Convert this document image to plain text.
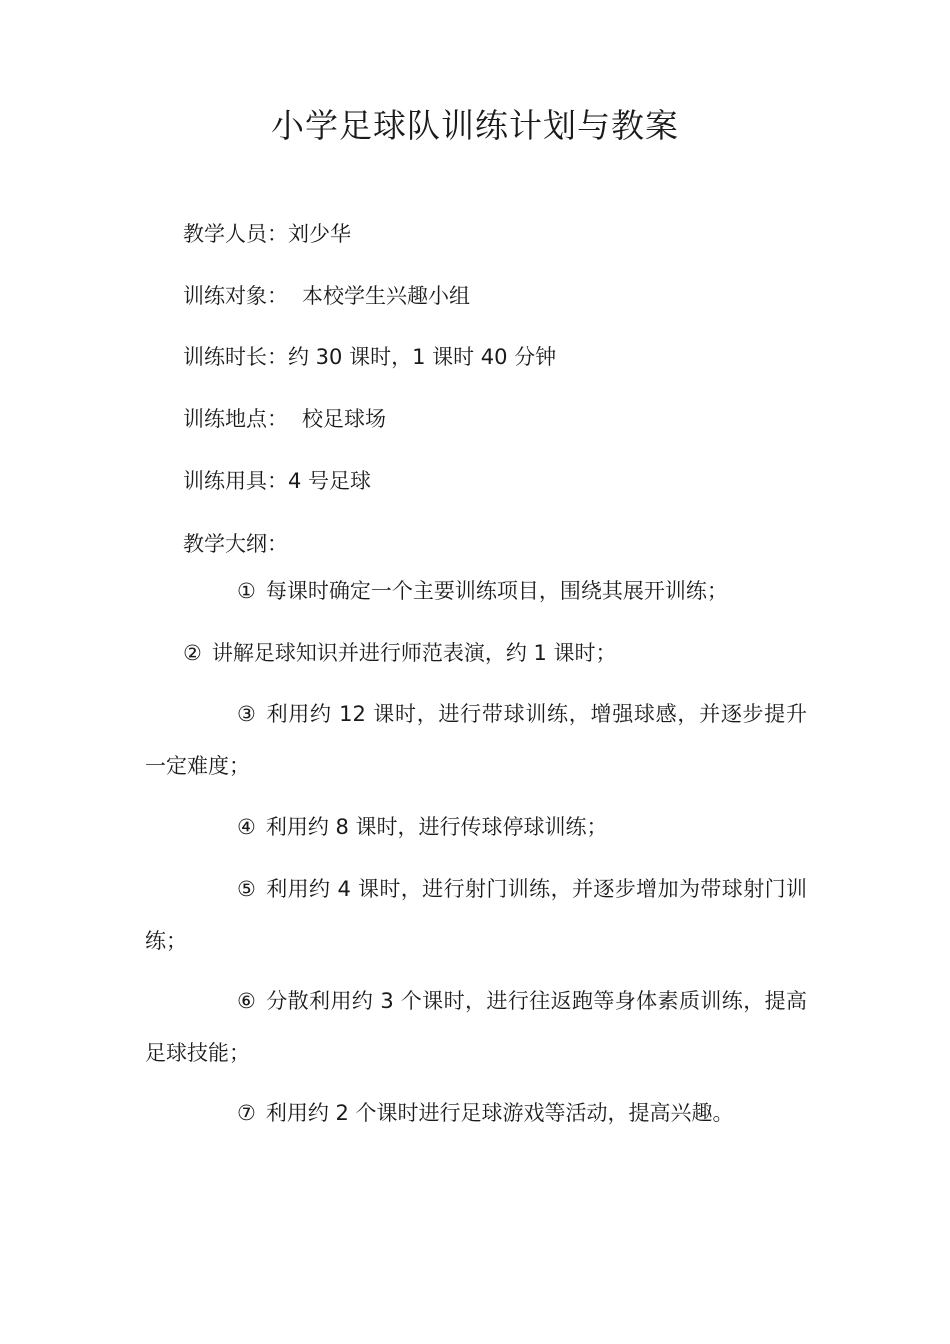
小学足球队训练计划与教案
教学人员：刘少华
训练对象： 本校学生兴趣小组
训练时长：约 30 课时，1 课时 40 分钟
训练地点： 校足球场
训练用具：4 号足球
教学大纲：

① 每课时确定一个主要训练项目，围绕其展开训练；

② 讲解足球知识并进行师范表演，约 1 课时；

③ 利用约 12 课时，进行带球训练，增强球感，并逐步提升一定难度；

④ 利用约 8 课时，进行传球停球训练；

⑤ 利用约 4 课时，进行射门训练，并逐步增加为带球射门训练；

⑥ 分散利用约 3 个课时，进行往返跑等身体素质训练，提高足球技能；

⑦ 利用约 2 个课时进行足球游戏等活动，提高兴趣。
